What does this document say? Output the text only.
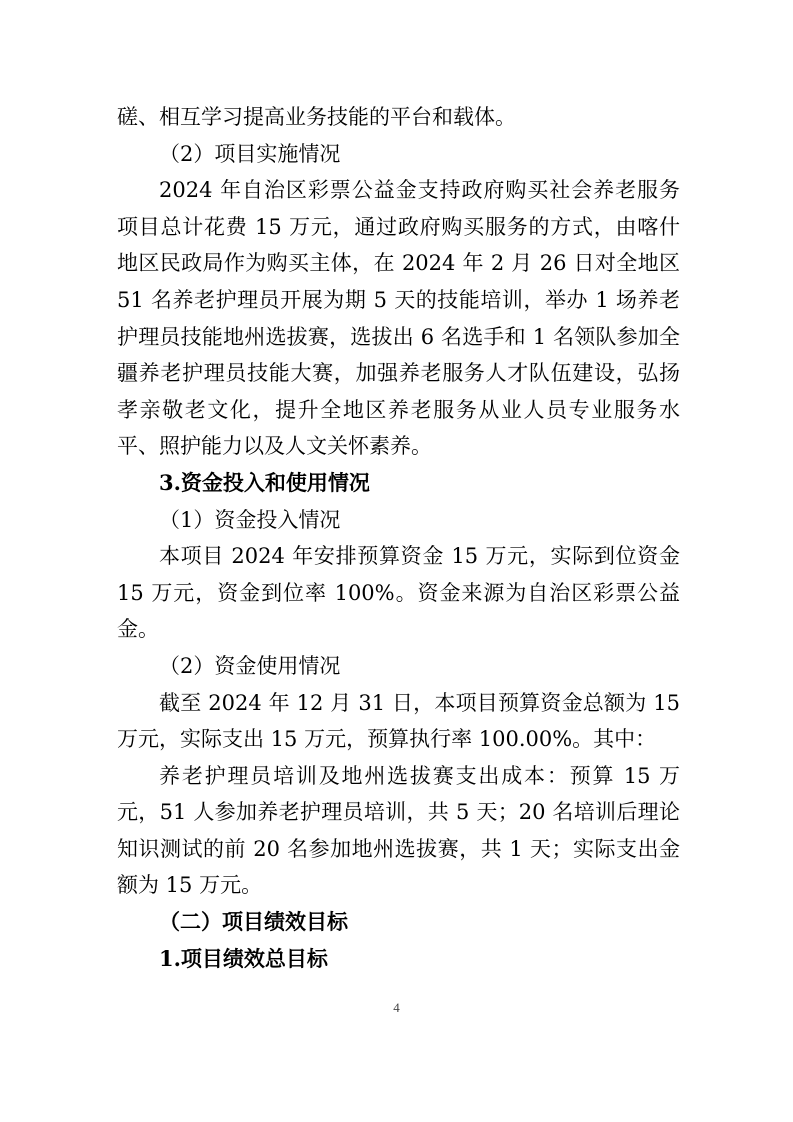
磋、相互学习提高业务技能的平台和载体。

（2）项目实施情况

2024 年自治区彩票公益金支持政府购买社会养老服务项目总计花费 15 万元，通过政府购买服务的方式，由喀什地区民政局作为购买主体，在 2024 年 2 月 26 日对全地区 51 名养老护理员开展为期 5 天的技能培训，举办 1 场养老护理员技能地州选拔赛，选拔出 6 名选手和 1 名领队参加全疆养老护理员技能大赛，加强养老服务人才队伍建设，弘扬孝亲敬老文化，提升全地区养老服务从业人员专业服务水平、照护能力以及人文关怀素养。

3.资金投入和使用情况

（1）资金投入情况

本项目 2024 年安排预算资金 15 万元，实际到位资金 15 万元，资金到位率 100%。资金来源为自治区彩票公益金。

（2）资金使用情况

截至 2024 年 12 月 31 日，本项目预算资金总额为 15 万元，实际支出 15 万元，预算执行率 100.00%。其中：

养老护理员培训及地州选拔赛支出成本：预算 15 万元，51 人参加养老护理员培训，共 5 天；20 名培训后理论知识测试的前 20 名参加地州选拔赛，共 1 天；实际支出金额为 15 万元。

（二）项目绩效目标

1.项目绩效总目标

4
